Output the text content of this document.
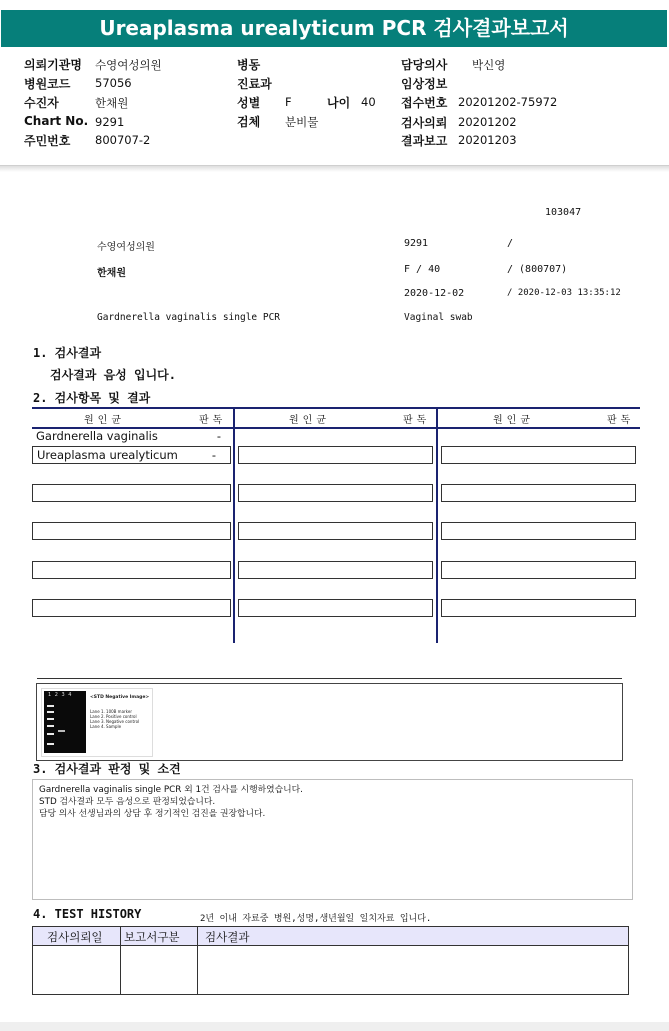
Ureaplasma urealyticum PCR 검사결과보고서
의뢰기관명 수영여성의원	병동	담당의사 박신영
병원코드 57056	진료과	임상정보
수진자	한채원	성별 F	나이 40 접수번호 20201202-75972
Chart No. 9291	검체 분비물	검사의뢰 20201202
주민번호 800707-2	결과보고 20201203
103047
수영여성의원	9291	/
한채원	F / 40	/ (800707)
2020-12-02	/ 2020-12-03 13:35:12
Gardnerella vaginalis single PCR	Vaginal swab
1. 검사결과
검사결과 음성 입니다.
2. 검사항목 및 결과
원인균	판독	원인균	판독	원인균	판독
Gardnerella vaginalis	-
Ureaplasma urealyticum	-
1 2 3 4	<STD Negative Image>
Lane 1. 100B marker
Lane 2. Positive control
Lane 3. Negative control
Lane 4. Sample
3. 검사결과 판정 및 소견
Gardnerella vaginalis single PCR 외 1건 검사를 시행하였습니다.
STD 검사결과 모두 음성으로 판정되었습니다.
담당 의사 선생님과의 상담 후 정기적인 검진을 권장합니다.
4. TEST HISTORY	2년 이내 자료중 병원,성명,생년월일 일치자료 입니다.
검사의뢰일 보고서구분 검사결과
